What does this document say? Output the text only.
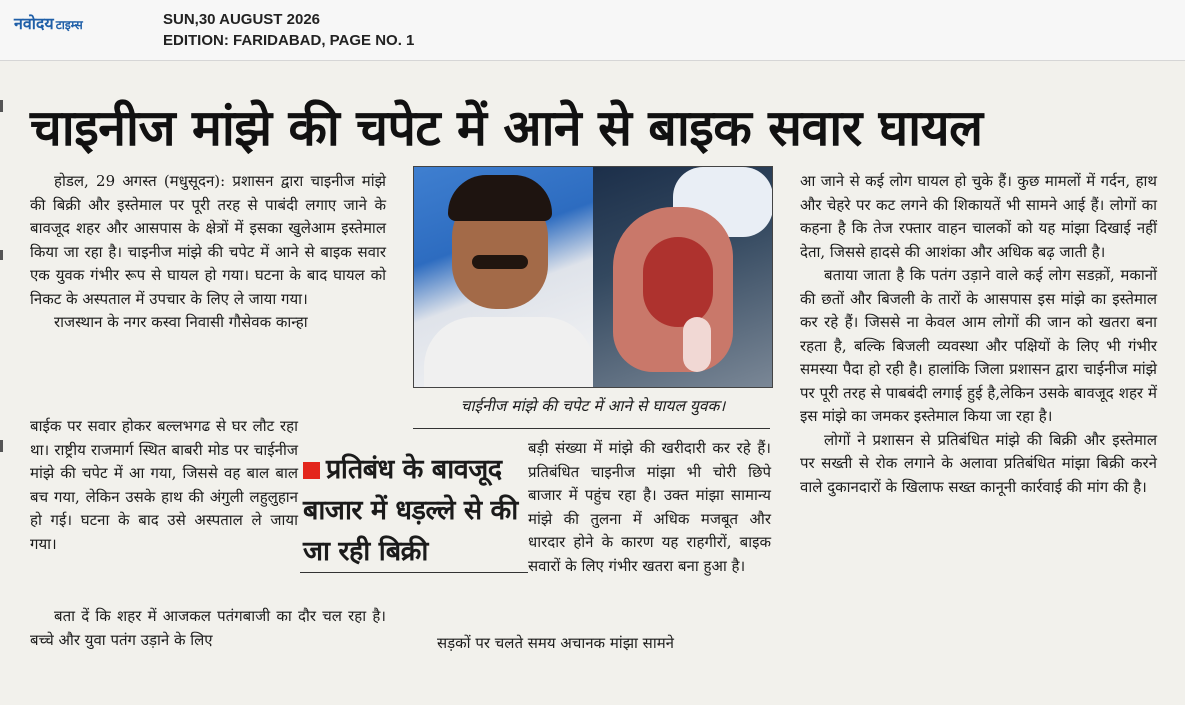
नवोदय टाइम्स	SUN,30 AUGUST 2026
EDITION: FARIDABAD, PAGE NO. 1
चाइनीज मांझे की चपेट में आने से बाइक सवार घायल

होडल, 29 अगस्त (मधुसूदन): प्रशासन द्वारा चाइनीज मांझे की बिक्री और इस्तेमाल पर पूरी तरह से पाबंदी लगाए जाने के बावजूद शहर और आसपास के क्षेत्रों में इसका खुलेआम इस्तेमाल किया जा रहा है। चाइनीज मांझे की चपेट में आने से बाइक सवार एक युवक गंभीर रूप से घायल हो गया। घटना के बाद घायल को निकट के अस्पताल में उपचार के लिए ले जाया गया।

राजस्थान के नगर कस्वा निवासी गौसेवक कान्हा

बाईक पर सवार होकर बल्लभगढ से घर लौट रहा था। राष्ट्रीय राजमार्ग स्थित बाबरी मोड पर चाईनीज मांझे की चपेट में आ गया, जिससे वह बाल बाल बच गया, लेकिन उसके हाथ की अंगुली लहुलुहान हो गई। घटना के बाद उसे अस्पताल ले जाया गया।

बता दें कि शहर में आजकल पतंगबाजी का दौर चल रहा है। बच्चे और युवा पतंग उड़ाने के लिए

चाईनीज मांझे की चपेट में आने से घायल युवक।
प्रतिबंध के बावजूद बाजार में धड़ल्ले से की जा रही बिक्री

बड़ी संख्या में मांझे की खरीदारी कर रहे हैं। प्रतिबंधित चाइनीज मांझा भी चोरी छिपे बाजार में पहुंच रहा है। उक्त मांझा सामान्य मांझे की तुलना में अधिक मजबूत और धारदार होने के कारण यह राहगीरों, बाइक सवारों के लिए गंभीर खतरा बना हुआ है।

सड़कों पर चलते समय अचानक मांझा सामने

आ जाने से कई लोग घायल हो चुके हैं। कुछ मामलों में गर्दन, हाथ और चेहरे पर कट लगने की शिकायतें भी सामने आई हैं। लोगों का कहना है कि तेज रफ्तार वाहन चालकों को यह मांझा दिखाई नहीं देता, जिससे हादसे की आशंका और अधिक बढ़ जाती है।

बताया जाता है कि पतंग उड़ाने वाले कई लोग सडक़ों, मकानों की छतों और बिजली के तारों के आसपास इस मांझे का इस्तेमाल कर रहे हैं। जिससे ना केवल आम लोगों की जान को खतरा बना रहता है, बल्कि बिजली व्यवस्था और पक्षियों के लिए भी गंभीर समस्या पैदा हो रही है। हालांकि जिला प्रशासन द्वारा चाईनीज मांझे पर पूरी तरह से पाबबंदी लगाई हुई है,लेकिन उसके बावजूद शहर में इस मांझे का जमकर इस्तेमाल किया जा रहा है।

लोगों ने प्रशासन से प्रतिबंधित मांझे की बिक्री और इस्तेमाल पर सख्ती से रोक लगाने के अलावा प्रतिबंधित मांझा बिक्री करने वाले दुकानदारों के खिलाफ सख्त कानूनी कार्रवाई की मांग की है।
